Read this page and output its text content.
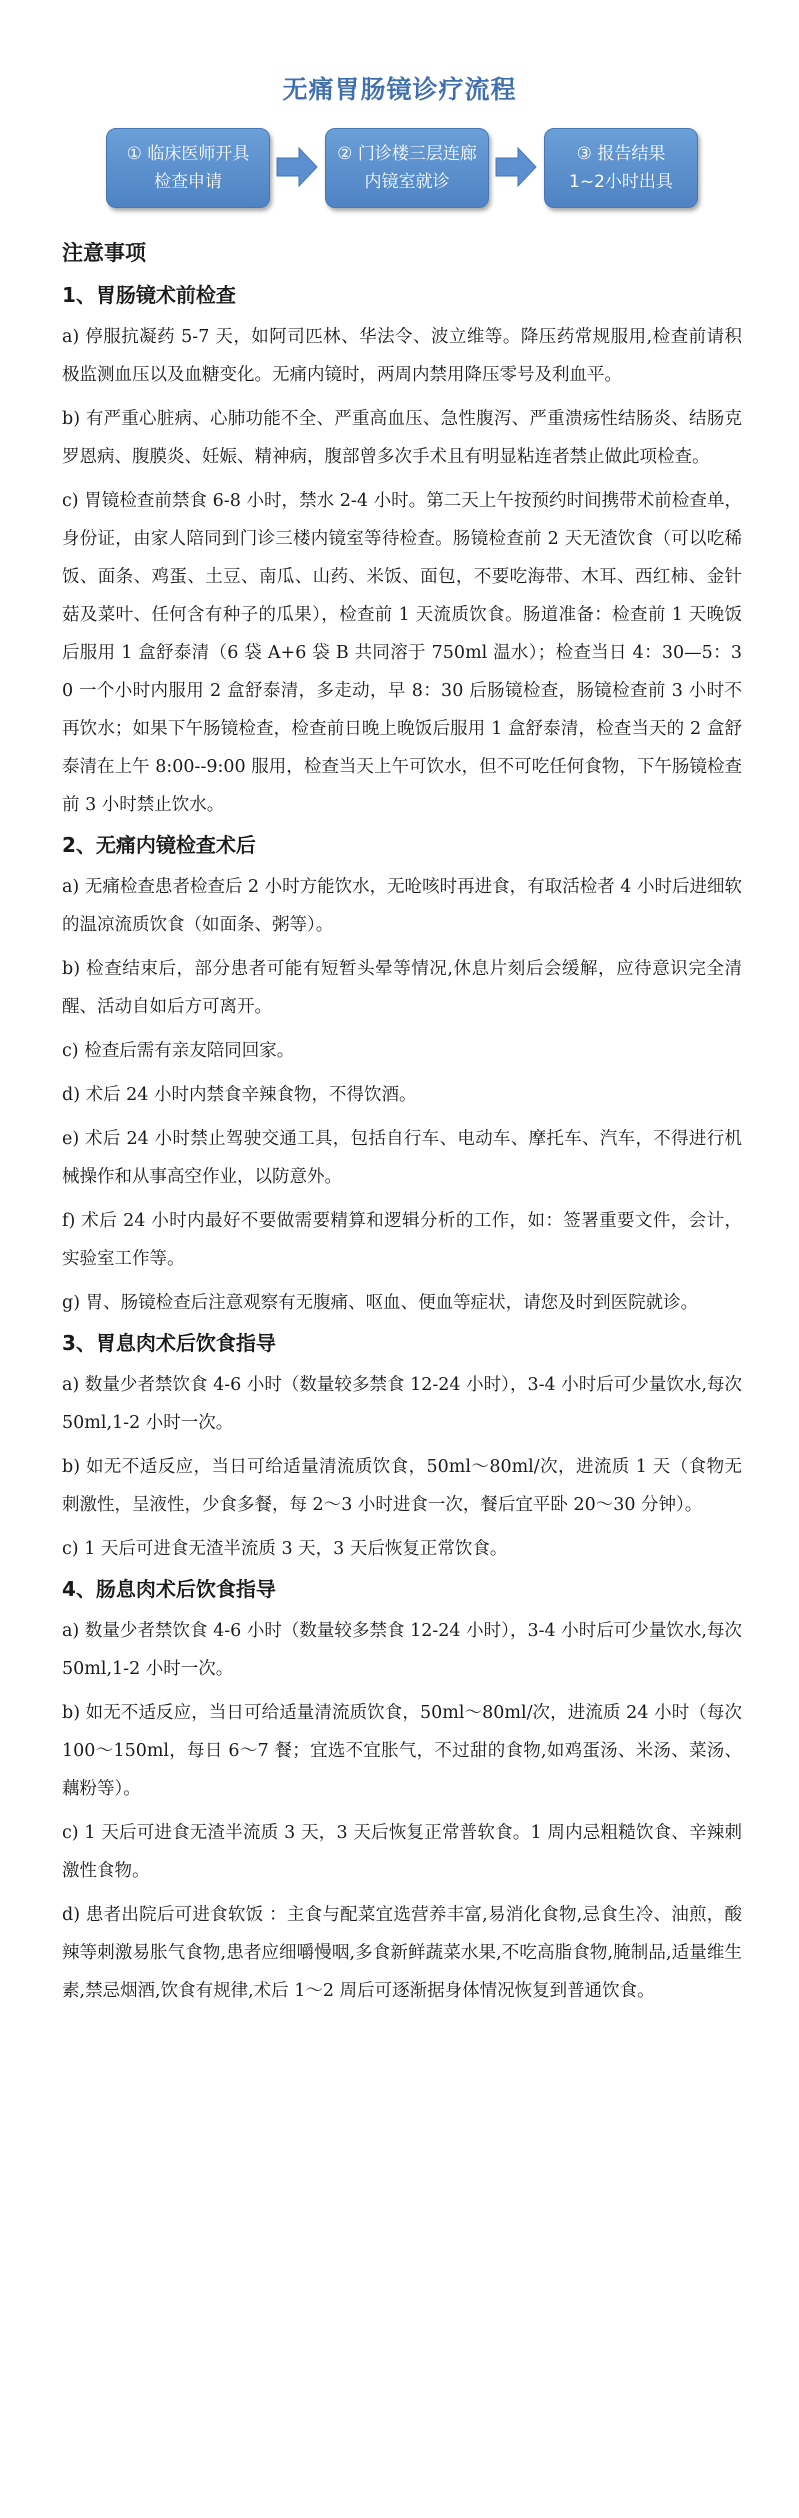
无痛胃肠镜诊疗流程
① 临床医师开具
检查申请
② 门诊楼三层连廊
内镜室就诊
③ 报告结果
1~2小时出具
注意事项
1、胃肠镜术前检查

a) 停服抗凝药 5-7 天，如阿司匹林、华法令、波立维等。降压药常规服用,检查前请积极监测血压以及血糖变化。无痛内镜时，两周内禁用降压零号及利血平。

b) 有严重心脏病、心肺功能不全、严重高血压、急性腹泻、严重溃疡性结肠炎、结肠克罗恩病、腹膜炎、妊娠、精神病，腹部曾多次手术且有明显粘连者禁止做此项检查。

c) 胃镜检查前禁食 6-8 小时，禁水 2-4 小时。第二天上午按预约时间携带术前检查单，身份证，由家人陪同到门诊三楼内镜室等待检查。肠镜检查前 2 天无渣饮食（可以吃稀饭、面条、鸡蛋、土豆、南瓜、山药、米饭、面包，不要吃海带、木耳、西红柿、金针菇及菜叶、任何含有种子的瓜果），检查前 1 天流质饮食。肠道准备：检查前 1 天晚饭后服用 1 盒舒泰清（6 袋 A+6 袋 B 共同溶于 750ml 温水）；检查当日 4：30—5：30 一个小时内服用 2 盒舒泰清，多走动，早 8：30 后肠镜检查，肠镜检查前 3 小时不再饮水；如果下午肠镜检查，检查前日晚上晚饭后服用 1 盒舒泰清，检查当天的 2 盒舒泰清在上午 8:00--9:00 服用，检查当天上午可饮水，但不可吃任何食物，下午肠镜检查前 3 小时禁止饮水。

2、无痛内镜检查术后

a) 无痛检查患者检查后 2 小时方能饮水，无呛咳时再进食，有取活检者 4 小时后进细软的温凉流质饮食（如面条、粥等）。

b) 检查结束后，部分患者可能有短暂头晕等情况,休息片刻后会缓解，应待意识完全清醒、活动自如后方可离开。

c) 检查后需有亲友陪同回家。

d) 术后 24 小时内禁食辛辣食物，不得饮酒。

e) 术后 24 小时禁止驾驶交通工具，包括自行车、电动车、摩托车、汽车，不得进行机械操作和从事高空作业，以防意外。

f) 术后 24 小时内最好不要做需要精算和逻辑分析的工作，如：签署重要文件，会计，实验室工作等。

g) 胃、肠镜检查后注意观察有无腹痛、呕血、便血等症状，请您及时到医院就诊。

3、胃息肉术后饮食指导

a) 数量少者禁饮食 4-6 小时（数量较多禁食 12-24 小时），3-4 小时后可少量饮水,每次 50ml,1-2 小时一次。

b) 如无不适反应，当日可给适量清流质饮食，50ml～80ml/次，进流质 1 天（食物无刺激性，呈液性，少食多餐，每 2～3 小时进食一次，餐后宜平卧 20～30 分钟）。

c) 1 天后可进食无渣半流质 3 天，3 天后恢复正常饮食。

4、肠息肉术后饮食指导

a) 数量少者禁饮食 4-6 小时（数量较多禁食 12-24 小时），3-4 小时后可少量饮水,每次 50ml,1-2 小时一次。

b) 如无不适反应，当日可给适量清流质饮食，50ml～80ml/次，进流质 24 小时（每次 100～150ml，每日 6～7 餐；宜选不宜胀气，不过甜的食物,如鸡蛋汤、米汤、菜汤、藕粉等）。

c) 1 天后可进食无渣半流质 3 天，3 天后恢复正常普软食。1 周内忌粗糙饮食、辛辣刺激性食物。

d) 患者出院后可进食软饭 ：主食与配菜宜选营养丰富,易消化食物,忌食生冷、油煎，酸辣等刺激易胀气食物,患者应细嚼慢咽,多食新鲜蔬菜水果,不吃高脂食物,腌制品,适量维生素,禁忌烟酒,饮食有规律,术后 1～2 周后可逐渐据身体情况恢复到普通饮食。
